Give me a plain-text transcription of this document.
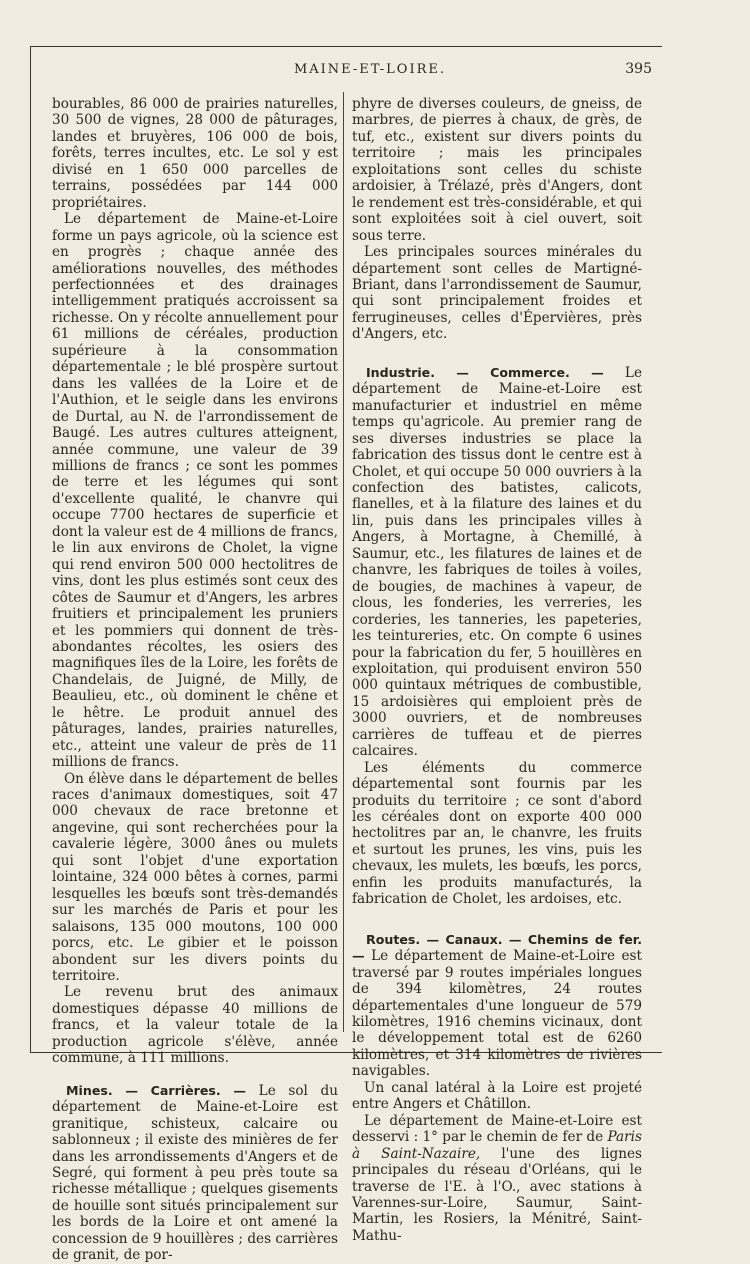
MAINE-ET-LOIRE.	395

bourables, 86 000 de prairies naturelles, 30 500 de vignes, 28 000 de pâturages, landes et bruyères, 106 000 de bois, forêts, terres incultes, etc. Le sol y est divisé en 1 650 000 parcelles de terrains, possédées par 144 000 propriétaires.

Le département de Maine-et-Loire forme un pays agricole, où la science est en progrès ; chaque année des améliorations nouvelles, des méthodes perfectionnées et des drainages intelligemment pratiqués accroissent sa richesse. On y récolte annuellement pour 61 millions de céréales, production supérieure à la consommation départementale ; le blé prospère surtout dans les vallées de la Loire et de l'Authion, et le seigle dans les environs de Durtal, au N. de l'arrondissement de Baugé. Les autres cultures atteignent, année commune, une valeur de 39 millions de francs ; ce sont les pommes de terre et les légumes qui sont d'excellente qualité, le chanvre qui occupe 7700 hectares de superficie et dont la valeur est de 4 millions de francs, le lin aux environs de Cholet, la vigne qui rend environ 500 000 hectolitres de vins, dont les plus estimés sont ceux des côtes de Saumur et d'Angers, les arbres fruitiers et principalement les pruniers et les pommiers qui donnent de très-abondantes récoltes, les osiers des magnifiques îles de la Loire, les forêts de Chandelais, de Juigné, de Milly, de Beaulieu, etc., où dominent le chêne et le hêtre. Le produit annuel des pâturages, landes, prairies naturelles, etc., atteint une valeur de près de 11 millions de francs.

On élève dans le département de belles races d'animaux domestiques, soit 47 000 chevaux de race bretonne et angevine, qui sont recherchées pour la cavalerie légère, 3000 ânes ou mulets qui sont l'objet d'une exportation lointaine, 324 000 bêtes à cornes, parmi lesquelles les bœufs sont très-demandés sur les marchés de Paris et pour les salaisons, 135 000 moutons, 100 000 porcs, etc. Le gibier et le poisson abondent sur les divers points du territoire.

Le revenu brut des animaux domestiques dépasse 40 millions de francs, et la valeur totale de la production agricole s'élève, année commune, à 111 millions.

Mines. — Carrières. — Le sol du département de Maine-et-Loire est granitique, schisteux, calcaire ou sablonneux ; il existe des minières de fer dans les arrondissements d'Angers et de Segré, qui forment à peu près toute sa richesse métallique ; quelques gisements de houille sont situés principalement sur les bords de la Loire et ont amené la concession de 9 houillères ; des carrières de granit, de por-

phyre de diverses couleurs, de gneiss, de marbres, de pierres à chaux, de grès, de tuf, etc., existent sur divers points du territoire ; mais les principales exploitations sont celles du schiste ardoisier, à Trélazé, près d'Angers, dont le rendement est très-considérable, et qui sont exploitées soit à ciel ouvert, soit sous terre.

Les principales sources minérales du département sont celles de Martigné-Briant, dans l'arrondissement de Saumur, qui sont principalement froides et ferrugineuses, celles d'Épervières, près d'Angers, etc.

Industrie. — Commerce. — Le département de Maine-et-Loire est manufacturier et industriel en même temps qu'agricole. Au premier rang de ses diverses industries se place la fabrication des tissus dont le centre est à Cholet, et qui occupe 50 000 ouvriers à la confection des batistes, calicots, flanelles, et à la filature des laines et du lin, puis dans les principales villes à Angers, à Mortagne, à Chemillé, à Saumur, etc., les filatures de laines et de chanvre, les fabriques de toiles à voiles, de bougies, de machines à vapeur, de clous, les fonderies, les verreries, les corderies, les tanneries, les papeteries, les teintureries, etc. On compte 6 usines pour la fabrication du fer, 5 houillères en exploitation, qui produisent environ 550 000 quintaux métriques de combustible, 15 ardoisières qui emploient près de 3000 ouvriers, et de nombreuses carrières de tuffeau et de pierres calcaires.

Les éléments du commerce départemental sont fournis par les produits du territoire ; ce sont d'abord les céréales dont on exporte 400 000 hectolitres par an, le chanvre, les fruits et surtout les prunes, les vins, puis les chevaux, les mulets, les bœufs, les porcs, enfin les produits manufacturés, la fabrication de Cholet, les ardoises, etc.

Routes. — Canaux. — Chemins de fer. — Le département de Maine-et-Loire est traversé par 9 routes impériales longues de 394 kilomètres, 24 routes départementales d'une longueur de 579 kilomètres, 1916 chemins vicinaux, dont le développement total est de 6260 kilomètres, et 314 kilomètres de rivières navigables.

Un canal latéral à la Loire est projeté entre Angers et Châtillon.

Le département de Maine-et-Loire est desservi : 1° par le chemin de fer de Paris à Saint-Nazaire, l'une des lignes principales du réseau d'Orléans, qui le traverse de l'E. à l'O., avec stations à Varennes-sur-Loire, Saumur, Saint-Martin, les Rosiers, la Ménitré, Saint-Mathu-
